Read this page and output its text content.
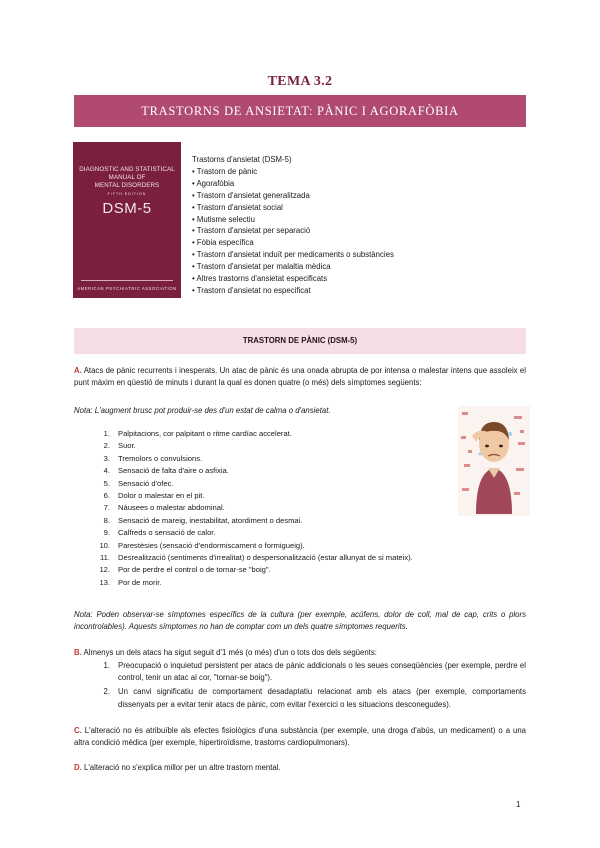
TEMA 3.2
TRASTORNS DE ANSIETAT: PÀNIC I AGORAFÒBIA
DIAGNOSTIC AND STATISTICAL
MANUAL OF
MENTAL DISORDERS
FIFTH EDITION
DSM-5
AMERICAN PSYCHIATRIC ASSOCIATION
Trastorns d'ansietat (DSM-5)
• Trastorn de pànic
• Agorafòbia
• Trastorn d'ansietat generalitzada
• Trastorn d'ansietat social
• Mutisme selectiu
• Trastorn d'ansietat per separació
• Fòbia específica
• Trastorn d'ansietat induït per medicaments o substàncies
• Trastorn d'ansietat per malaltia mèdica
• Altres trastorns d'ansietat especificats
• Trastorn d'ansietat no especificat
TRASTORN DE PÀNIC (DSM-5)
A. Atacs de pànic recurrents i inesperats. Un atac de pànic és una onada abrupta de por intensa o malestar intens que assoleix el punt màxim en qüestió de minuts i durant la qual es donen quatre (o més) dels símptomes següents:
Nota: L'augment brusc pot produir-se des d'un estat de calma o d'ansietat.
1.	Palpitacions, cor palpitant o ritme cardíac accelerat.
2.	Suor.
3.	Tremolors o convulsions.
4.	Sensació de falta d'aire o asfixia.
5.	Sensació d'ofec.
6.	Dolor o malestar en el pit.
7.	Nàusees o malestar abdominal.
8.	Sensació de mareig, inestabilitat, atordiment o desmai.
9.	Calfreds o sensació de calor.
10.	Parestèsies (sensació d'endormiscament o formigueig).
11.	Desrealització (sentiments d'irrealitat) o despersonalització (estar allunyat de si mateix).
12.	Por de perdre el control o de tornar-se "boig".
13.	Por de morir.
Nota: Poden observar-se símptomes específics de la cultura (per exemple, acúfens, dolor de coll, mal de cap, crits o plors incontrolables). Aquests símptomes no han de comptar com un dels quatre símptomes requerits.
B. Almenys un dels atacs ha sigut seguit d'1 més (o més) d'un o tots dos dels següents:
1.	Preocupació o inquietud persistent per atacs de pànic addicionals o les seues conseqüències (per exemple, perdre el control, tenir un atac al cor, "tornar-se boig").
2.	Un canvi significatiu de comportament desadaptatiu relacionat amb els atacs (per exemple, comportaments dissenyats per a evitar tenir atacs de pànic, com evitar l'exercici o les situacions desconegudes).
C. L'alteració no és atribuïble als efectes fisiològics d'una substància (per exemple, una droga d'abús, un medicament) o a una altra condició mèdica (per exemple, hipertiroïdisme, trastorns cardiopulmonars).
D. L'alteració no s'explica millor per un altre trastorn mental.
1
